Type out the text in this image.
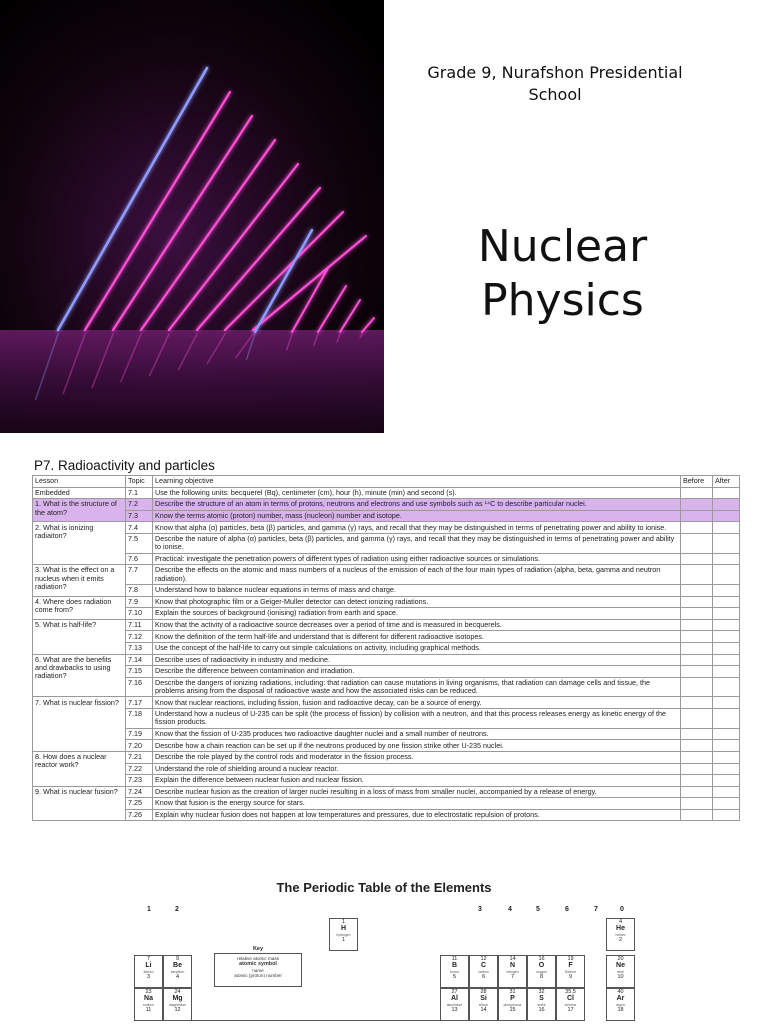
Grade 9, Nurafshon Presidential School
Nuclear
Physics
P7. Radioactivity and particles
Lesson	Topic	Learning objective	Before	After
Embedded	7.1	Use the following units: becquerel (Bq), centimeter (cm), hour (h), minute (min) and second (s).		
1. What is the structure of the atom?	7.2	Describe the structure of an atom in terms of protons, neutrons and electrons and use symbols such as ¹⁴C to describe particular nuclei.		
	7.3	Know the terms atomic (proton) number, mass (nucleon) number and isotope.		
2. What is ionizing radiaiton?	7.4	Know that alpha (α) particles, beta (β) particles, and gamma (γ) rays, and recall that they may be distinguished in terms of penetrating power and ability to ionise.		
	7.5	Describe the nature of alpha (α) particles, beta (β) particles, and gamma (γ) rays, and recall that they may be distinguished in terms of penetrating power and ability to ionise.		
	7.6	Practical: investigate the penetration powers of different types of radiation using either radioactive sources or simulations.		
3. What is the effect on a nucleus when it emits radiation?	7.7	Describe the effects on the atomic and mass numbers of a nucleus of the emission of each of the four main types of radiation (alpha, beta, gamma and neutron radiation).		
	7.8	Understand how to balance nuclear equations in terms of mass and charge.		
4. Where does radiation come from?	7.9	Know that photographic film or a Geiger-Muller detector can detect ionizing radiations.		
	7.10	Explain the sources of background (ionising) radiation from earth and space.		
5. What is half-life?	7.11	Know that the activity of a radioactive source decreases over a period of time and is measured in becquerels.		
	7.12	Know the definition of the term half-life and understand that is different for different radioactive isotopes.		
	7.13	Use the concept of the half-life to carry out simple calculations on activity, including graphical methods.		
6. What are the benefits and drawbacks to using radiation?	7.14	Describe uses of radioactivity in industry and medicine.		
	7.15	Describe the difference between contamination and irradiation.		
	7.16	Describe the dangers of ionizing radiations, including: that radiation can cause mutations in living organisms, that radiation can damage cells and tissue, the problems arising from the disposal of radioactive waste and how the associated risks can be reduced.		
7. What is nuclear fission?	7.17	Know that nuclear reactions, including fission, fusion and radioactive decay, can be a source of energy.		
	7.18	Understand how a nucleus of U-235 can be split (the process of fission) by collision with a neutron, and that this process releases energy as kinetic energy of the fission products.		
	7.19	Know that the fission of U-235 produces two radioactive daughter nuclei and a small number of neutrons.		
	7.20	Describe how a chain reaction can be set up if the neutrons produced by one fission strike other U-235 nuclei.		
8. How does a nuclear reactor work?	7.21	Describe the role played by the control rods and moderator in the fission process.		
	7.22	Understand the role of shielding around a nuclear reactor.		
	7.23	Explain the difference between nuclear fusion and nuclear fission.		
9. What is nuclear fusion?	7.24	Describe nuclear fusion as the creation of larger nuclei resulting in a loss of mass from smaller nuclei, accompanied by a release of energy.		
	7.25	Know that fusion is the energy source for stars.		
	7.26	Explain why nuclear fusion does not happen at low temperatures and pressures, due to electrostatic repulsion of protons.		
The Periodic Table of the Elements
1	2	3	4	5	6	7	0
Key
relative atomic mass
atomic symbol
name
atomic (proton) number
1
H
hydrogen
1
4
He
helium
2
7
Li
lithium
3
9
Be
beryllium
4
11
B
boron
5
12
C
carbon
6
14
N
nitrogen
7
16
O
oxygen
8
19
F
fluorine
9
20
Ne
neon
10
23
Na
sodium
11
24
Mg
magnesium
12
27
Al
aluminium
13
28
Si
silicon
14
31
P
phosphorus
15
32
S
sulfur
16
35.5
Cl
chlorine
17
40
Ar
argon
18
